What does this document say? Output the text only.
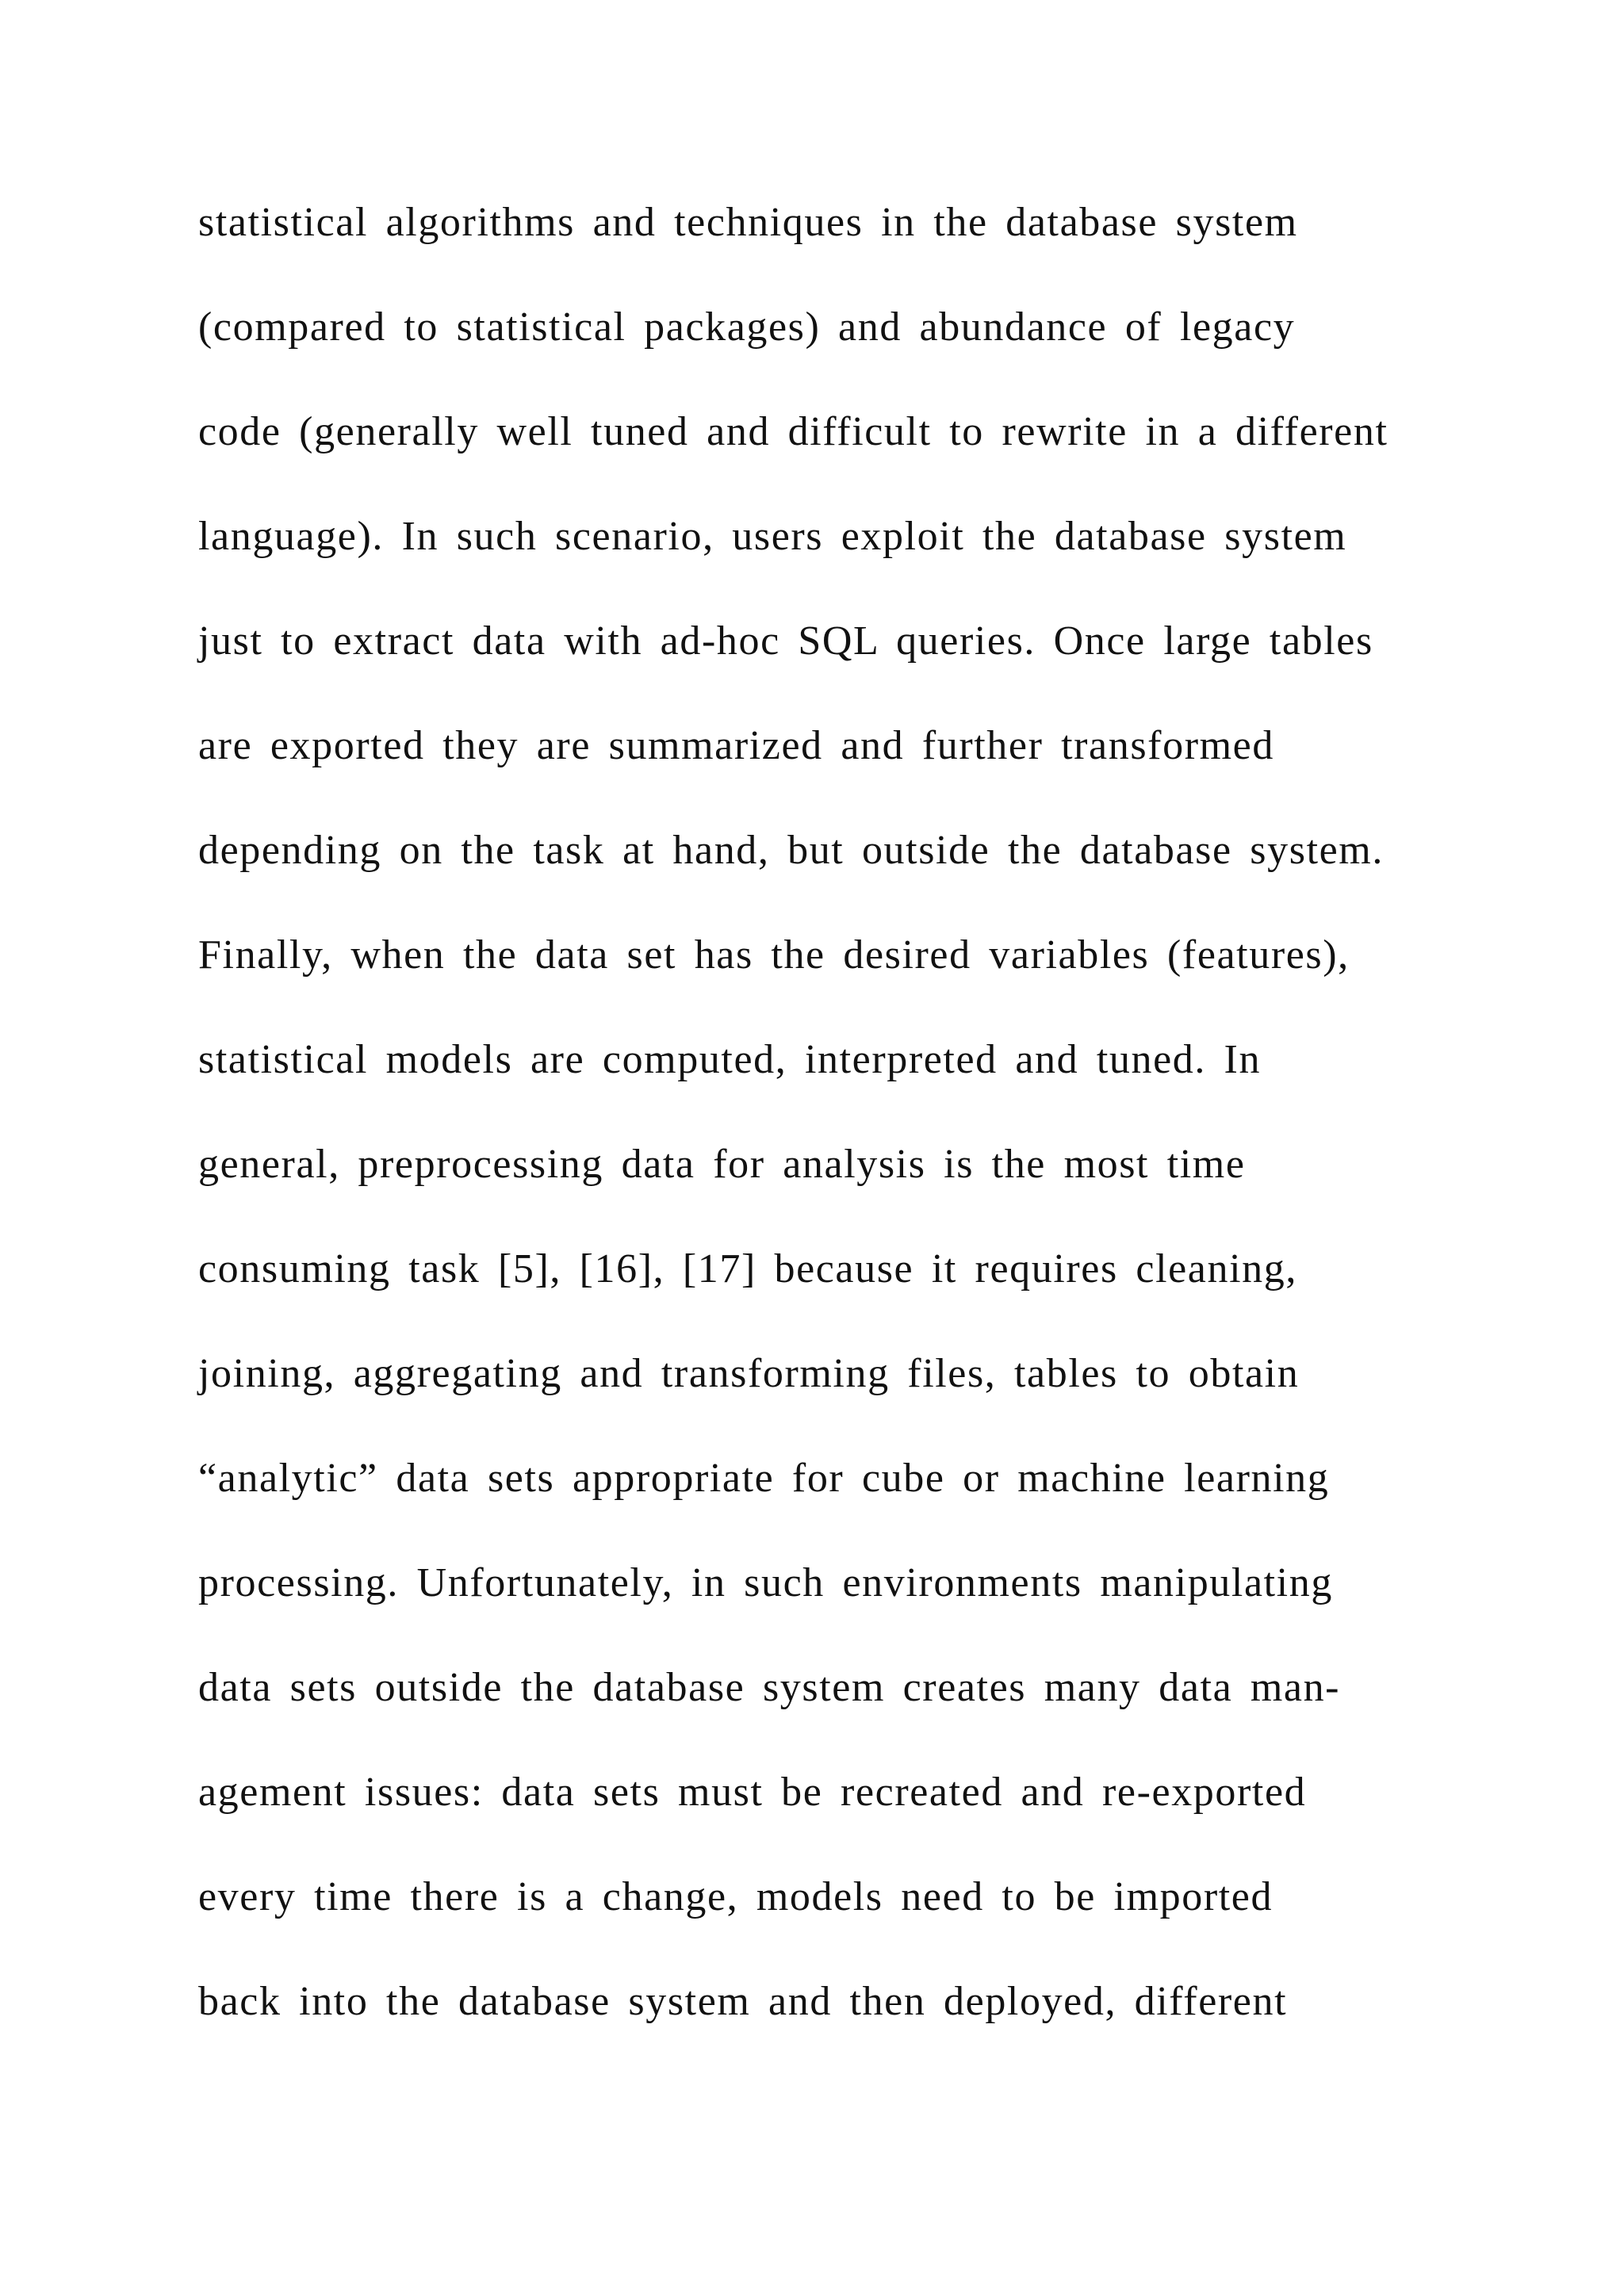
statistical algorithms and techniques in the database system
(compared to statistical packages) and abundance of legacy
code (generally well tuned and difficult to rewrite in a different
language). In such scenario, users exploit the database system
just to extract data with ad-hoc SQL queries. Once large tables
are exported they are summarized and further transformed
depending on the task at hand, but outside the database system.
Finally, when the data set has the desired variables (features),
statistical models are computed, interpreted and tuned. In
general, preprocessing data for analysis is the most time
consuming task [5], [16], [17] because it requires cleaning,
joining, aggregating and transforming files, tables to obtain
“analytic” data sets appropriate for cube or machine learning
processing. Unfortunately, in such environments manipulating
data sets outside the database system creates many data man-
agement issues: data sets must be recreated and re-exported
every time there is a change, models need to be imported
back into the database system and then deployed, different
